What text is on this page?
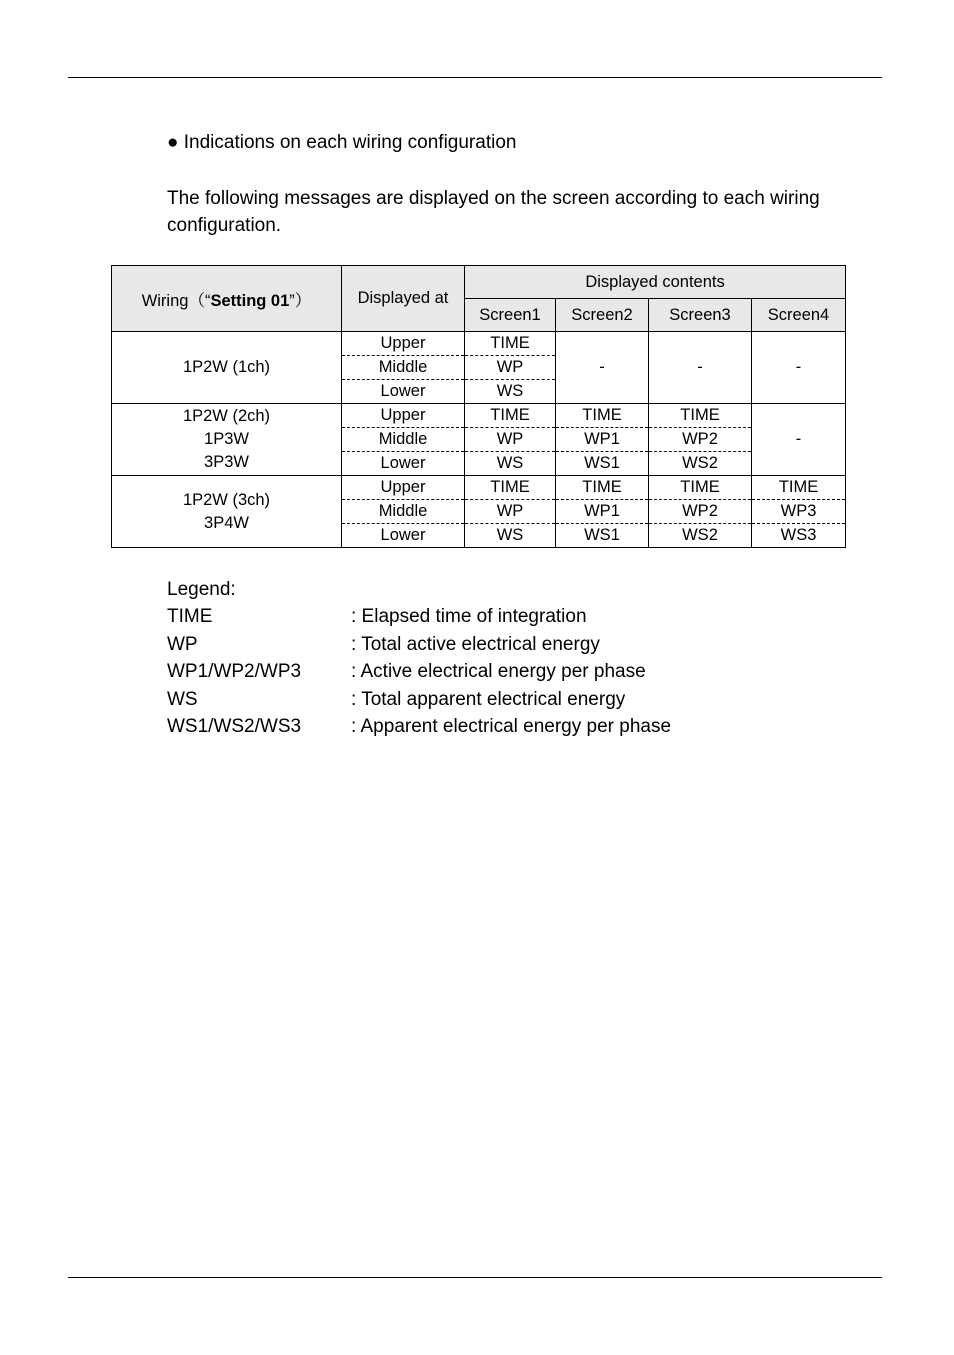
● Indications on each wiring configuration
The following messages are displayed on the screen according to each wiring configuration.
Wiring（“Setting 01”）	Displayed at	Displayed contents			
		Screen1	Screen2	Screen3	Screen4

1P2W (1ch)	Upper	TIME	-	-	-
	Middle	WP			
	Lower	WS			

1P2W (2ch)
1P3W
3P3W	Upper	TIME	TIME	TIME	-
	Middle	WP	WP1	WP2	
	Lower	WS	WS1	WS2	

1P2W (3ch)
3P4W	Upper	TIME	TIME	TIME	TIME
	Middle	WP	WP1	WP2	WP3
	Lower	WS	WS1	WS2	WS3
Legend:
TIME	: Elapsed time of integration
WP	: Total active electrical energy
WP1/WP2/WP3	: Active electrical energy per phase
WS	: Total apparent electrical energy
WS1/WS2/WS3	: Apparent electrical energy per phase
